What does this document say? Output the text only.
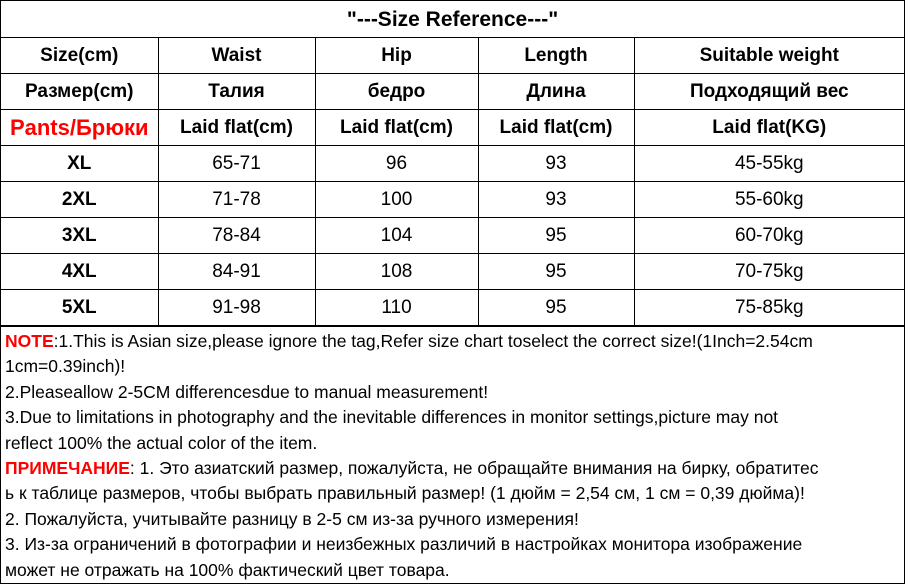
"---Size Reference---"				
Size(cm)	Waist	Hip	Length	Suitable weight
Размер(cm)	Талия	бедро	Длина	Подходящий вес
Pants/Брюки	Laid flat(cm)	Laid flat(cm)	Laid flat(cm)	Laid flat(KG)
XL	65-71	96	93	45-55kg
2XL	71-78	100	93	55-60kg
3XL	78-84	104	95	60-70kg
4XL	84-91	108	95	70-75kg
5XL	91-98	110	95	75-85kg
NOTE:1.This is Asian size,please ignore the tag,Refer size chart toselect the correct size!(1Inch=2.54cm
1cm=0.39inch)!
2.Pleaseallow 2-5CM differencesdue to manual measurement!
3.Due to limitations in photography and the inevitable differences in monitor settings,picture may not
reflect 100% the actual color of the item.
ПРИМЕЧАНИЕ: 1. Это азиатский размер, пожалуйста, не обращайте внимания на бирку, обратитес
ь к таблице размеров, чтобы выбрать правильный размер! (1 дюйм = 2,54 см, 1 см = 0,39 дюйма)!
2. Пожалуйста, учитывайте разницу в 2-5 см из-за ручного измерения!
3. Из-за ограничений в фотографии и неизбежных различий в настройках монитора изображение
может не отражать на 100% фактический цвет товара.
